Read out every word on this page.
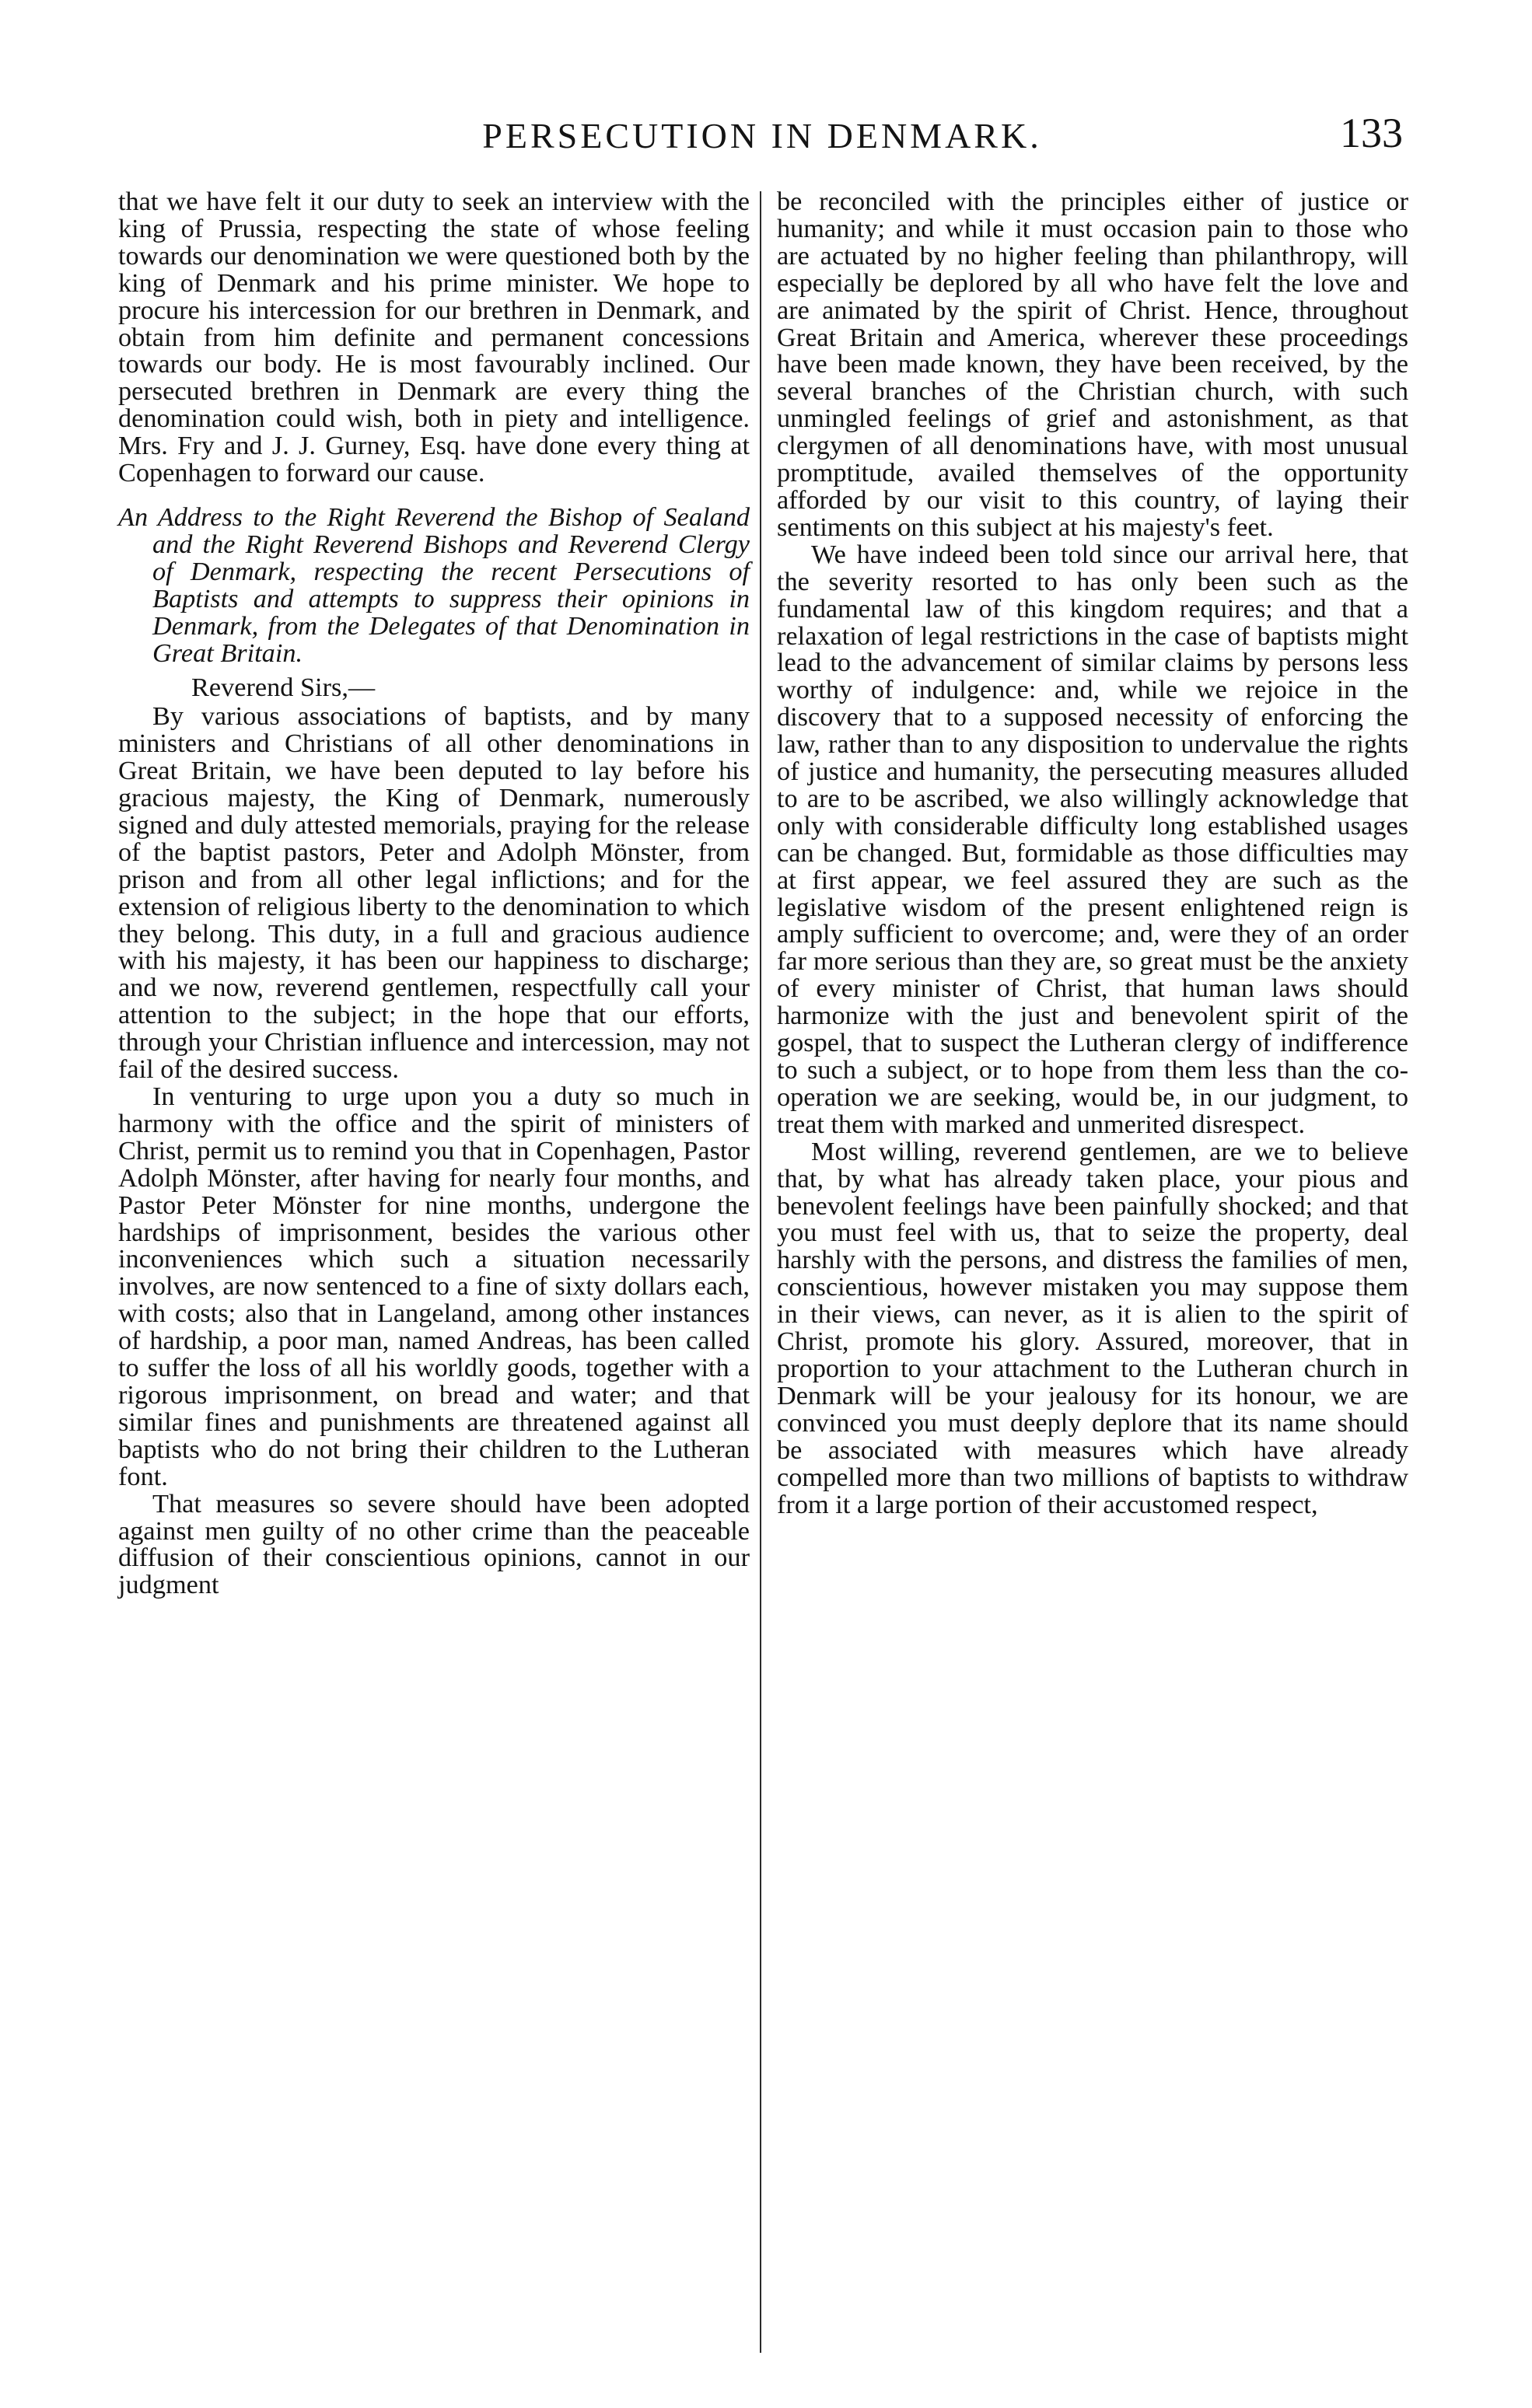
PERSECUTION IN DENMARK.	133

that we have felt it our duty to seek an interview with the king of Prussia, respecting the state of whose feeling towards our denomination we were questioned both by the king of Denmark and his prime minister. We hope to procure his intercession for our brethren in Denmark, and obtain from him definite and permanent concessions towards our body. He is most favourably inclined. Our persecuted brethren in Denmark are every thing the denomination could wish, both in piety and intelligence. Mrs. Fry and J. J. Gurney, Esq. have done every thing at Copenhagen to forward our cause.

An Address to the Right Reverend the Bishop of Sealand and the Right Reverend Bishops and Reverend Clergy of Denmark, respecting the recent Persecutions of Baptists and attempts to suppress their opinions in Denmark, from the Delegates of that Denomination in Great Britain.

Reverend Sirs,—

By various associations of baptists, and by many ministers and Christians of all other denominations in Great Britain, we have been deputed to lay before his gracious majesty, the King of Denmark, numerously signed and duly attested memorials, praying for the release of the baptist pastors, Peter and Adolph Mönster, from prison and from all other legal inflictions; and for the extension of religious liberty to the denomination to which they belong. This duty, in a full and gracious audience with his majesty, it has been our happiness to discharge; and we now, reverend gentlemen, respectfully call your attention to the subject; in the hope that our efforts, through your Christian influence and intercession, may not fail of the desired success.

In venturing to urge upon you a duty so much in harmony with the office and the spirit of ministers of Christ, permit us to remind you that in Copenhagen, Pastor Adolph Mönster, after having for nearly four months, and Pastor Peter Mönster for nine months, undergone the hardships of imprisonment, besides the various other inconveniences which such a situation necessarily involves, are now sentenced to a fine of sixty dollars each, with costs; also that in Langeland, among other instances of hardship, a poor man, named Andreas, has been called to suffer the loss of all his worldly goods, together with a rigorous imprisonment, on bread and water; and that similar fines and punishments are threatened against all baptists who do not bring their children to the Lutheran font.

That measures so severe should have been adopted against men guilty of no other crime than the peaceable diffusion of their conscientious opinions, cannot in our judgment

be reconciled with the principles either of justice or humanity; and while it must occasion pain to those who are actuated by no higher feeling than philanthropy, will especially be deplored by all who have felt the love and are animated by the spirit of Christ. Hence, throughout Great Britain and America, wherever these proceedings have been made known, they have been received, by the several branches of the Christian church, with such unmingled feelings of grief and astonishment, as that clergymen of all denominations have, with most unusual promptitude, availed themselves of the opportunity afforded by our visit to this country, of laying their sentiments on this subject at his majesty's feet.

We have indeed been told since our arrival here, that the severity resorted to has only been such as the fundamental law of this kingdom requires; and that a relaxation of legal restrictions in the case of baptists might lead to the advancement of similar claims by persons less worthy of indulgence: and, while we rejoice in the discovery that to a supposed necessity of enforcing the law, rather than to any disposition to undervalue the rights of justice and humanity, the persecuting measures alluded to are to be ascribed, we also willingly acknowledge that only with considerable difficulty long established usages can be changed. But, formidable as those difficulties may at first appear, we feel assured they are such as the legislative wisdom of the present enlightened reign is amply sufficient to overcome; and, were they of an order far more serious than they are, so great must be the anxiety of every minister of Christ, that human laws should harmonize with the just and benevolent spirit of the gospel, that to suspect the Lutheran clergy of indifference to such a subject, or to hope from them less than the co-operation we are seeking, would be, in our judgment, to treat them with marked and unmerited disrespect.

Most willing, reverend gentlemen, are we to believe that, by what has already taken place, your pious and benevolent feelings have been painfully shocked; and that you must feel with us, that to seize the property, deal harshly with the persons, and distress the families of men, conscientious, however mistaken you may suppose them in their views, can never, as it is alien to the spirit of Christ, promote his glory. Assured, moreover, that in proportion to your attachment to the Lutheran church in Denmark will be your jealousy for its honour, we are convinced you must deeply deplore that its name should be associated with measures which have already compelled more than two millions of baptists to withdraw from it a large portion of their accustomed respect,
